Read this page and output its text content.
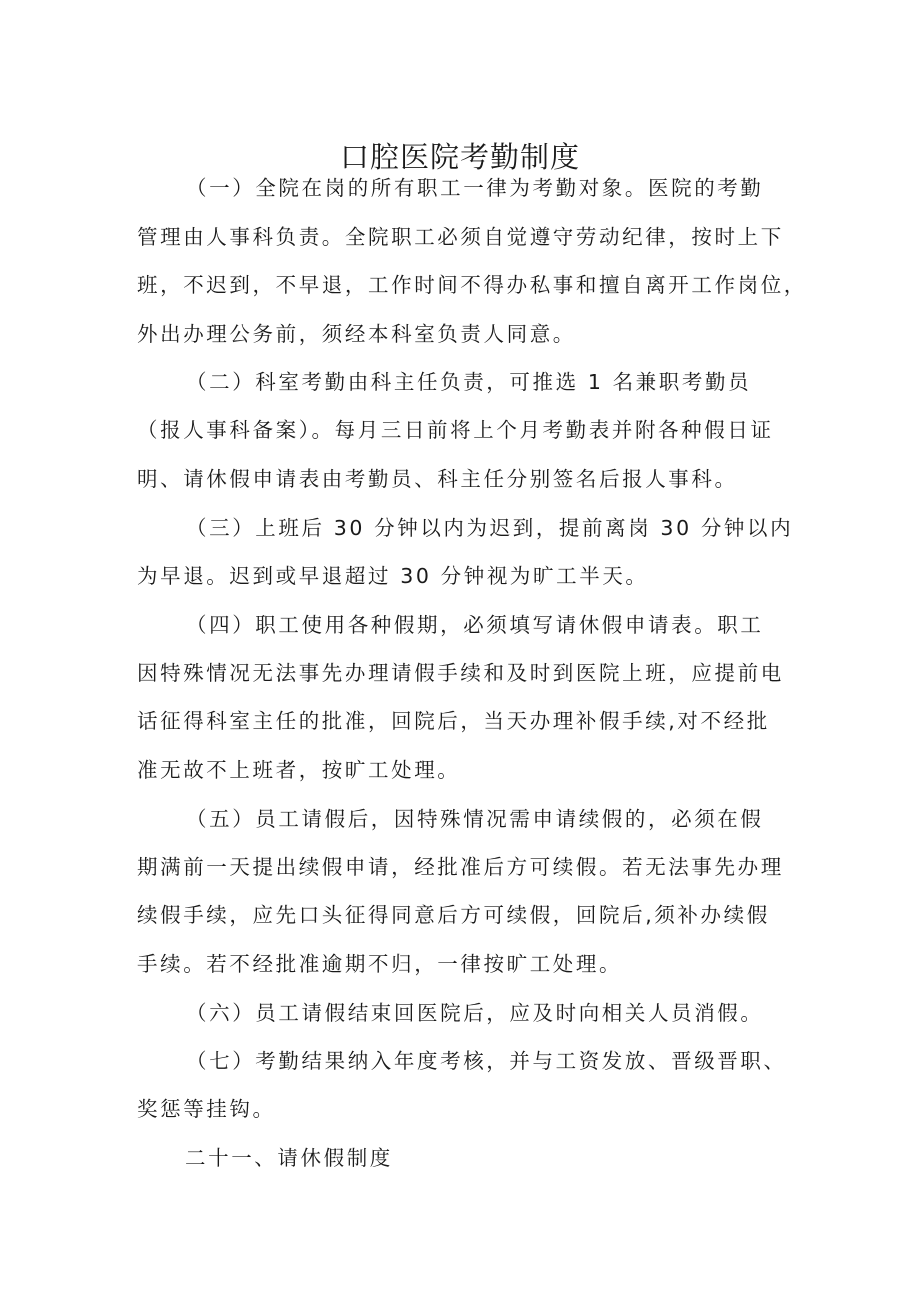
口腔医院考勤制度
（一）全院在岗的所有职工一律为考勤对象。医院的考勤
管理由人事科负责。全院职工必须自觉遵守劳动纪律，按时上下
班，不迟到，不早退，工作时间不得办私事和擅自离开工作岗位，
外出办理公务前，须经本科室负责人同意。
（二）科室考勤由科主任负责，可推选 1 名兼职考勤员
（报人事科备案）。每月三日前将上个月考勤表并附各种假日证
明、请休假申请表由考勤员、科主任分别签名后报人事科。
（三）上班后 30 分钟以内为迟到，提前离岗 30 分钟以内
为早退。迟到或早退超过 30 分钟视为旷工半天。
（四）职工使用各种假期，必须填写请休假申请表。职工
因特殊情况无法事先办理请假手续和及时到医院上班，应提前电
话征得科室主任的批准，回院后，当天办理补假手续,对不经批
准无故不上班者，按旷工处理。
（五）员工请假后，因特殊情况需申请续假的，必须在假
期满前一天提出续假申请，经批准后方可续假。若无法事先办理
续假手续，应先口头征得同意后方可续假，回院后,须补办续假
手续。若不经批准逾期不归，一律按旷工处理。
（六）员工请假结束回医院后，应及时向相关人员消假。
（七）考勤结果纳入年度考核，并与工资发放、晋级晋职、
奖惩等挂钩。
二十一、请休假制度
